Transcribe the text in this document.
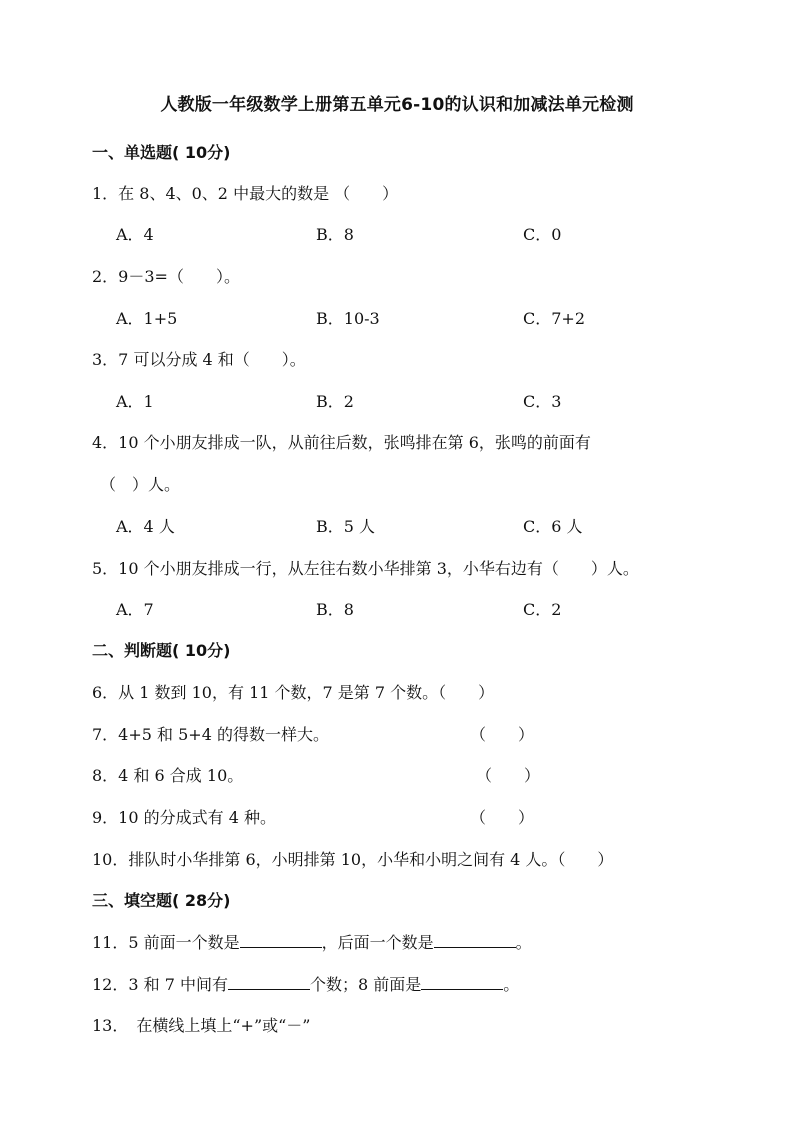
人教版一年级数学上册第五单元6-10的认识和加减法单元检测
一、单选题( 10分)
1．在 8、4、0、2 中最大的数是 （　　）
A．4	B．8	C．0
2．9－3=（　　）。
A．1+5	B．10-3	C．7+2
3．7 可以分成 4 和（　　）。
A．1	B．2	C．3
4．10 个小朋友排成一队，从前往后数，张鸣排在第 6，张鸣的前面有
（　）人。
A．4 人	B．5 人	C．6 人
5．10 个小朋友排成一行，从左往右数小华排第 3，小华右边有（　　）人。
A．7	B．8	C．2
二、判断题( 10分)
6．从 1 数到 10，有 11 个数，7 是第 7 个数。（　　）
7．4+5 和 5+4 的得数一样大。	（　　）
8．4 和 6 合成 10。	（　　）
9．10 的分成式有 4 种。	（　　）
10．排队时小华排第 6，小明排第 10，小华和小明之间有 4 人。（　　）
三、填空题( 28分)
11．5 前面一个数是	，后面一个数是	。
12．3 和 7 中间有	个数；8 前面是	。
13．　在横线上填上“+”或“－”
